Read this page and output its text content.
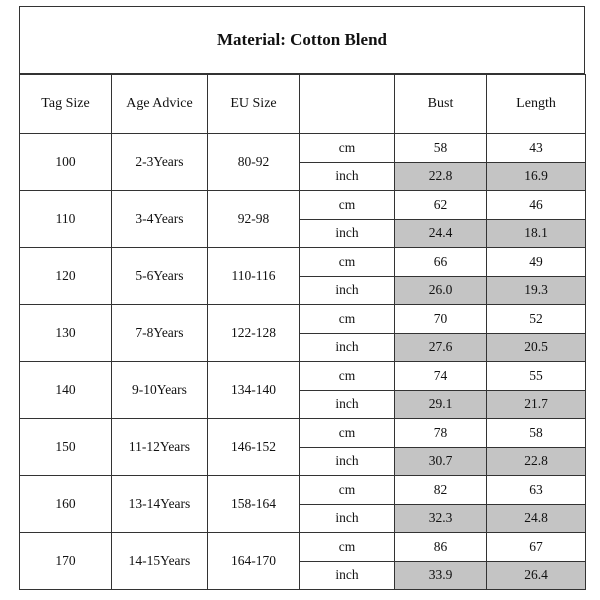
Material: Cotton Blend
Tag Size	Age Advice	EU Size		Bust	Length
100	2-3Years	80-92	cm	58	43
			inch	22.8	16.9
110	3-4Years	92-98	cm	62	46
			inch	24.4	18.1
120	5-6Years	110-116	cm	66	49
			inch	26.0	19.3
130	7-8Years	122-128	cm	70	52
			inch	27.6	20.5
140	9-10Years	134-140	cm	74	55
			inch	29.1	21.7
150	11-12Years	146-152	cm	78	58
			inch	30.7	22.8
160	13-14Years	158-164	cm	82	63
			inch	32.3	24.8
170	14-15Years	164-170	cm	86	67
			inch	33.9	26.4
